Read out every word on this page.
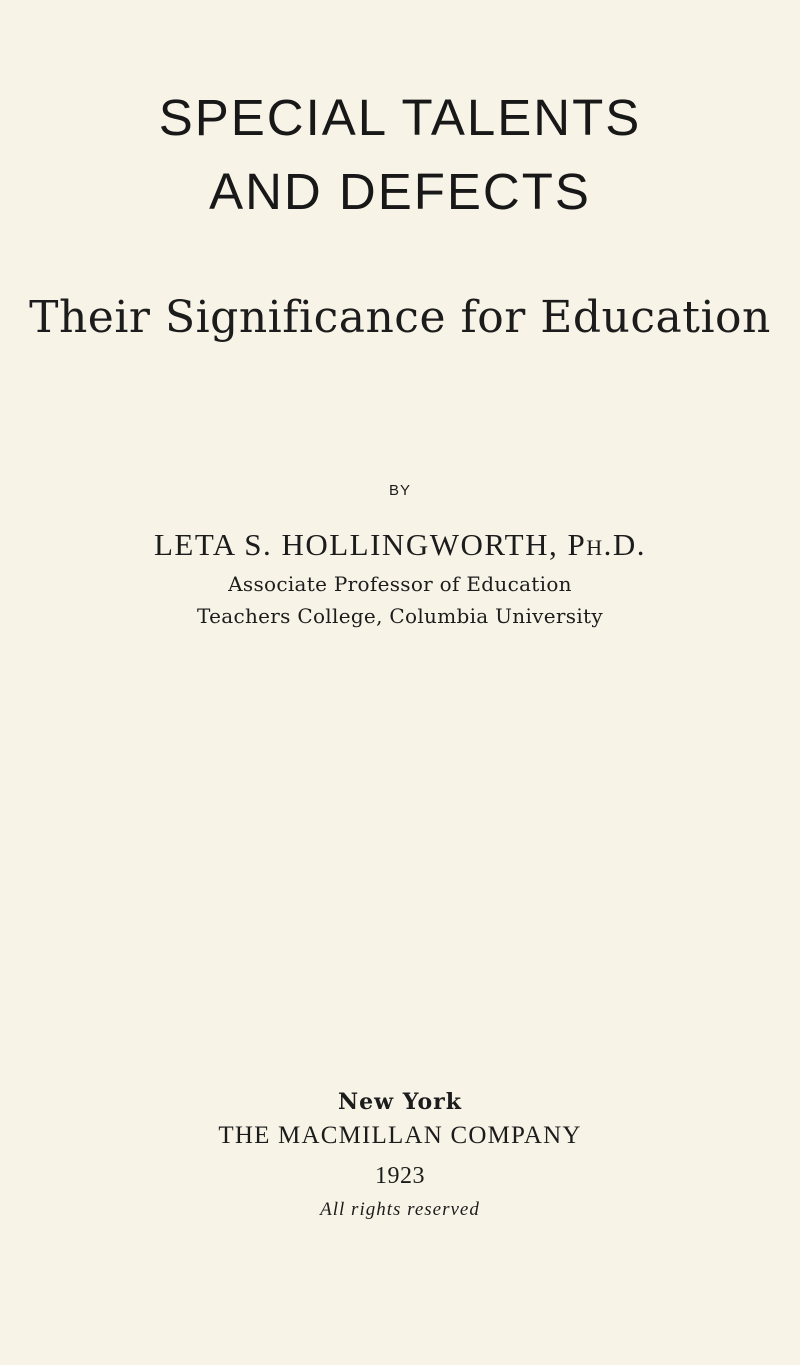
SPECIAL TALENTS
AND DEFECTS
Their Significance for Education
BY
LETA S. HOLLINGWORTH, Ph.D.
Associate Professor of Education
Teachers College, Columbia University
New York
THE MACMILLAN COMPANY
1923
All rights reserved
